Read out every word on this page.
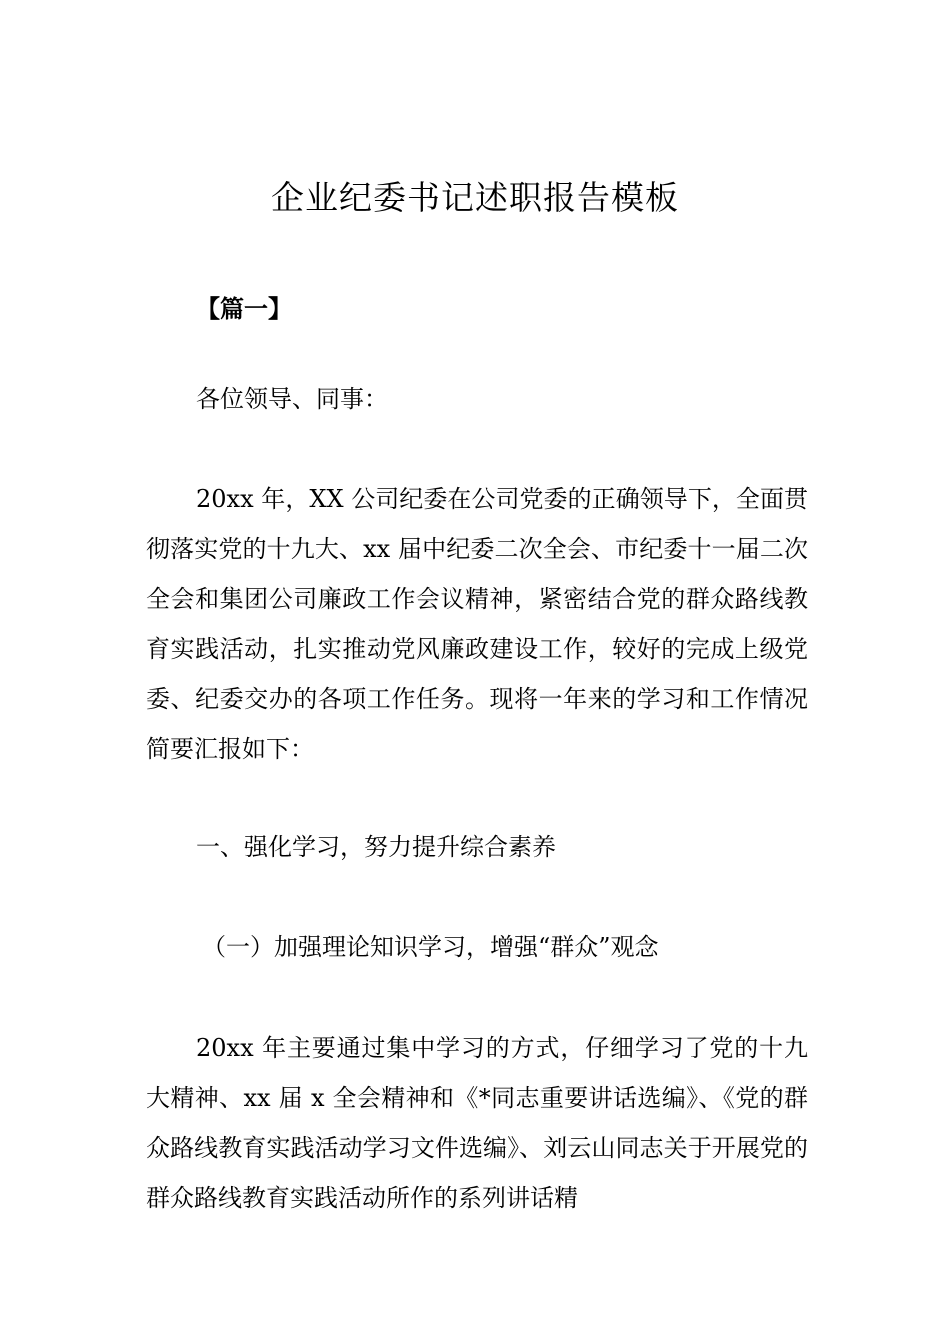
企业纪委书记述职报告模板
【篇一】
各位领导、同事：

20xx 年，XX 公司纪委在公司党委的正确领导下，全面贯彻落实党的十九大、xx 届中纪委二次全会、市纪委十一届二次全会和集团公司廉政工作会议精神，紧密结合党的群众路线教育实践活动，扎实推动党风廉政建设工作，较好的完成上级党委、纪委交办的各项工作任务。现将一年来的学习和工作情况简要汇报如下：

一、强化学习，努力提升综合素养
（一）加强理论知识学习，增强“群众”观念

20xx 年主要通过集中学习的方式，仔细学习了党的十九大精神、xx 届 x 全会精神和《*同志重要讲话选编》、《党的群众路线教育实践活动学习文件选编》、刘云山同志关于开展党的群众路线教育实践活动所作的系列讲话精
